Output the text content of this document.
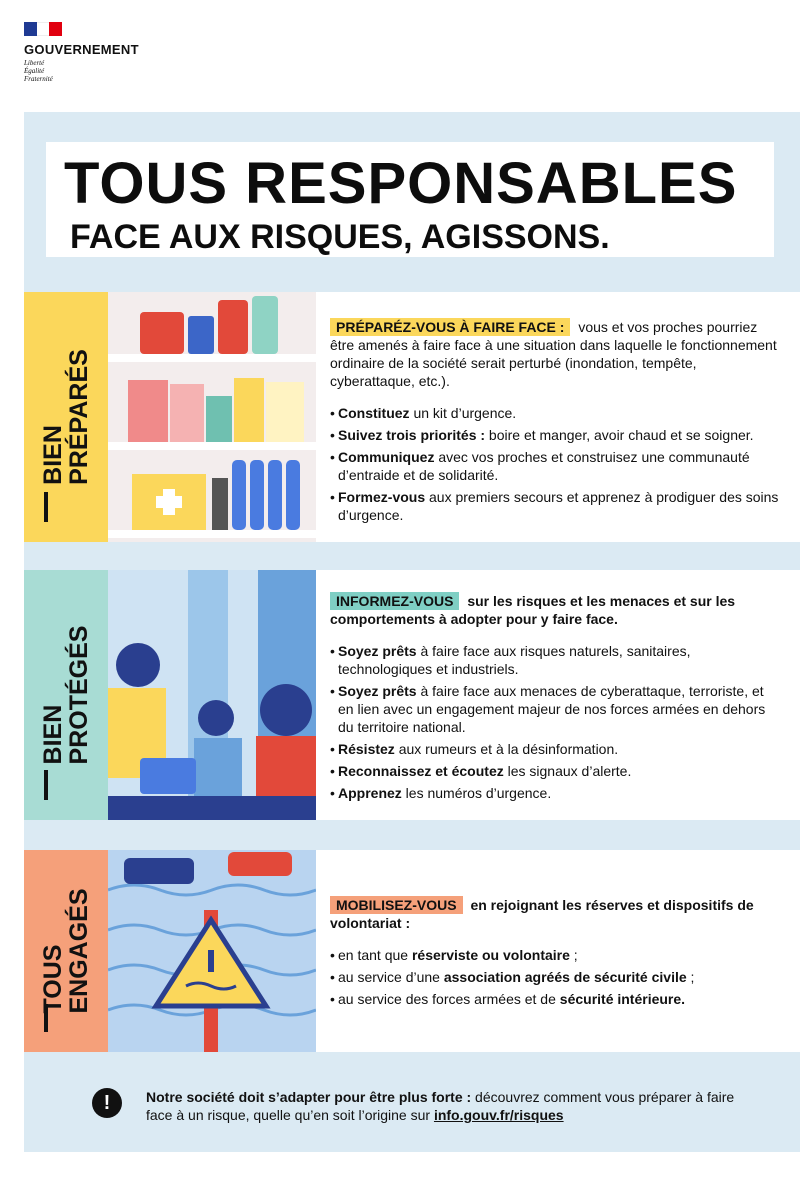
GOUVERNEMENT
Liberté
Égalité
Fraternité
TOUS RESPONSABLES
FACE AUX RISQUES, AGISSONS.
BIEN
PRÉPARÉS

PRÉPARÉZ-VOUS À FAIRE FACE : vous et vos proches pourriez être amenés à faire face à une situation dans laquelle le fonctionnement ordinaire de la société serait perturbé (inondation, tempête, cyberattaque, etc.).

• Constituez un kit d’urgence.
• Suivez trois priorités : boire et manger, avoir chaud et se soigner.
• Communiquez avec vos proches et construisez une communauté d’entraide et de solidarité.
• Formez-vous aux premiers secours et apprenez à prodiguer des soins d’urgence.
BIEN
PROTÉGÉS

INFORMEZ-VOUS sur les risques et les menaces et sur les comportements à adopter pour y faire face.

• Soyez prêts à faire face aux risques naturels, sanitaires, technologiques et industriels.
• Soyez prêts à faire face aux menaces de cyberattaque, terroriste, et en lien avec un engagement majeur de nos forces armées en dehors du territoire national.
• Résistez aux rumeurs et à la désinformation.
• Reconnaissez et écoutez les signaux d’alerte.
• Apprenez les numéros d’urgence.
TOUS
ENGAGÉS	MOBILISEZ-VOUS en rejoignant les réserves et dispositifs de volontariat :

• en tant que réserviste ou volontaire ;
• au service d’une association agréés de sécurité civile ;
• au service des forces armées et de sécurité intérieure.
!	Notre société doit s’adapter pour être plus forte : découvrez comment vous préparer à faire face à un risque, quelle qu’en soit l’origine sur info.gouv.fr/risques
